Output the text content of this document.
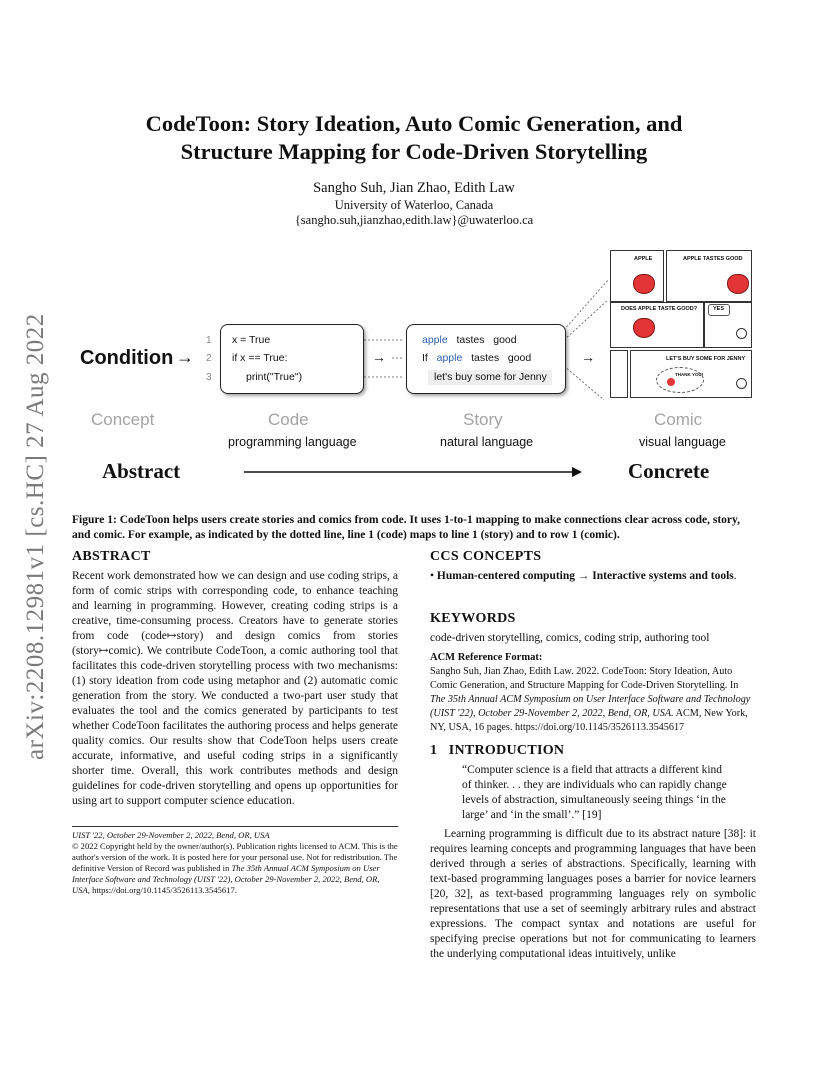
arXiv:2208.12981v1 [cs.HC] 27 Aug 2022
CodeToon: Story Ideation, Auto Comic Generation, and
Structure Mapping for Code-Driven Storytelling
Sangho Suh, Jian Zhao, Edith Law
University of Waterloo, Canada
{sangho.suh,jianzhao,edith.law}@uwaterloo.ca
Condition →
1
2
3
x = True
if x == True:
print("True")
→
apple tastes good
If apple tastes good
let's buy some for Jenny
→
APPLE	APPLE TASTES GOOD
DOES APPLE TASTE GOOD?	YES
LET'S BUY SOME FOR JENNY
THANK YOU!
Concept	Code
programming language
Story
natural language
Comic
visual language
Abstract	Concrete
Figure 1: CodeToon helps users create stories and comics from code. It uses 1-to-1 mapping to make connections clear across code, story, and comic. For example, as indicated by the dotted line, line 1 (code) maps to line 1 (story) and to row 1 (comic).
ABSTRACT
Recent work demonstrated how we can design and use coding strips, a form of comic strips with corresponding code, to enhance teaching and learning in programming. However, creating coding strips is a creative, time-consuming process. Creators have to generate stories from code (code↦story) and design comics from stories (story↦comic). We contribute CodeToon, a comic authoring tool that facilitates this code-driven storytelling process with two mechanisms: (1) story ideation from code using metaphor and (2) automatic comic generation from the story. We conducted a two-part user study that evaluates the tool and the comics generated by participants to test whether CodeToon facilitates the authoring process and helps generate quality comics. Our results show that CodeToon helps users create accurate, informative, and useful coding strips in a significantly shorter time. Overall, this work contributes methods and design guidelines for code-driven storytelling and opens up opportunities for using art to support computer science education.
UIST '22, October 29-November 2, 2022, Bend, OR, USA
© 2022 Copyright held by the owner/author(s). Publication rights licensed to ACM. This is the author's version of the work. It is posted here for your personal use. Not for redistribution. The definitive Version of Record was published in The 35th Annual ACM Symposium on User Interface Software and Technology (UIST '22), October 29-November 2, 2022, Bend, OR, USA, https://doi.org/10.1145/3526113.3545617.
CCS CONCEPTS
• Human-centered computing → Interactive systems and tools.
KEYWORDS
code-driven storytelling, comics, coding strip, authoring tool
ACM Reference Format:
Sangho Suh, Jian Zhao, Edith Law. 2022. CodeToon: Story Ideation, Auto Comic Generation, and Structure Mapping for Code-Driven Storytelling. In The 35th Annual ACM Symposium on User Interface Software and Technology (UIST '22), October 29-November 2, 2022, Bend, OR, USA. ACM, New York, NY, USA, 16 pages. https://doi.org/10.1145/3526113.3545617
1 INTRODUCTION
“Computer science is a field that attracts a different kind of thinker. . . they are individuals who can rapidly change levels of abstraction, simultaneously seeing things ‘in the large’ and ‘in the small’.” [19]
Learning programming is difficult due to its abstract nature [38]: it requires learning concepts and programming languages that have been derived through a series of abstractions. Specifically, learning with text-based programming languages poses a barrier for novice learners [20, 32], as text-based programming languages rely on symbolic representations that use a set of seemingly arbitrary rules and abstract expressions. The compact syntax and notations are useful for specifying precise operations but not for communicating to learners the underlying computational ideas intuitively, unlike
